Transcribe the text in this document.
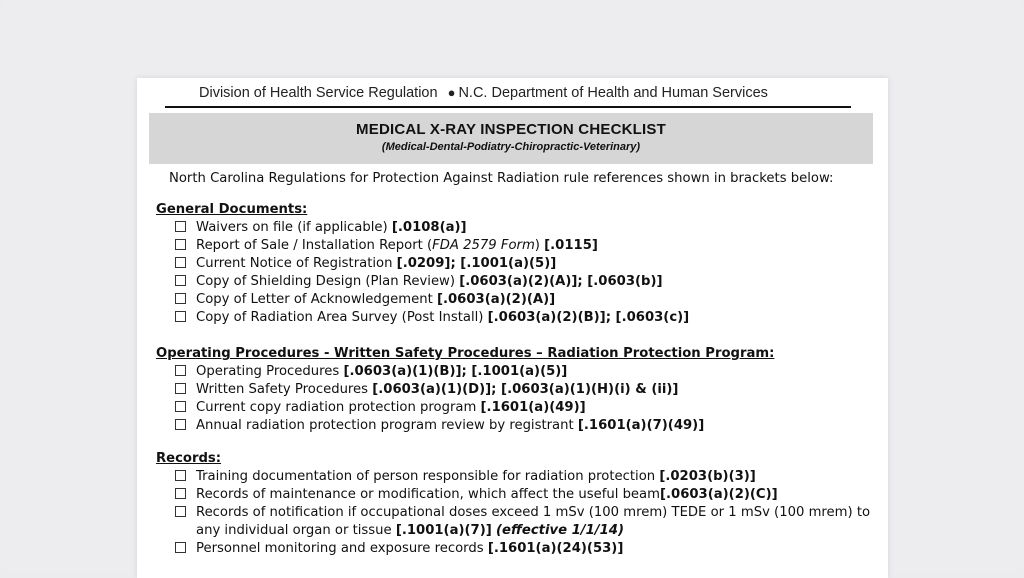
Division of Health Service Regulation ● N.C. Department of Health and Human Services
MEDICAL X-RAY INSPECTION CHECKLIST
(Medical-Dental-Podiatry-Chiropractic-Veterinary)
North Carolina Regulations for Protection Against Radiation rule references shown in brackets below:
General Documents:
Waivers on file (if applicable) [.0108(a)]
Report of Sale / Installation Report (FDA 2579 Form) [.0115]
Current Notice of Registration [.0209]; [.1001(a)(5)]
Copy of Shielding Design (Plan Review) [.0603(a)(2)(A)]; [.0603(b)]
Copy of Letter of Acknowledgement [.0603(a)(2)(A)]
Copy of Radiation Area Survey (Post Install) [.0603(a)(2)(B)]; [.0603(c)]
Operating Procedures - Written Safety Procedures – Radiation Protection Program:
Operating Procedures [.0603(a)(1)(B)]; [.1001(a)(5)]
Written Safety Procedures [.0603(a)(1)(D)]; [.0603(a)(1)(H)(i) & (ii)]
Current copy radiation protection program [.1601(a)(49)]
Annual radiation protection program review by registrant [.1601(a)(7)(49)]
Records:
Training documentation of person responsible for radiation protection [.0203(b)(3)]
Records of maintenance or modification, which affect the useful beam[.0603(a)(2)(C)]
Records of notification if occupational doses exceed 1 mSv (100 mrem) TEDE or 1 mSv (100 mrem) to any individual organ or tissue [.1001(a)(7)] (effective 1/1/14)
Personnel monitoring and exposure records [.1601(a)(24)(53)]
